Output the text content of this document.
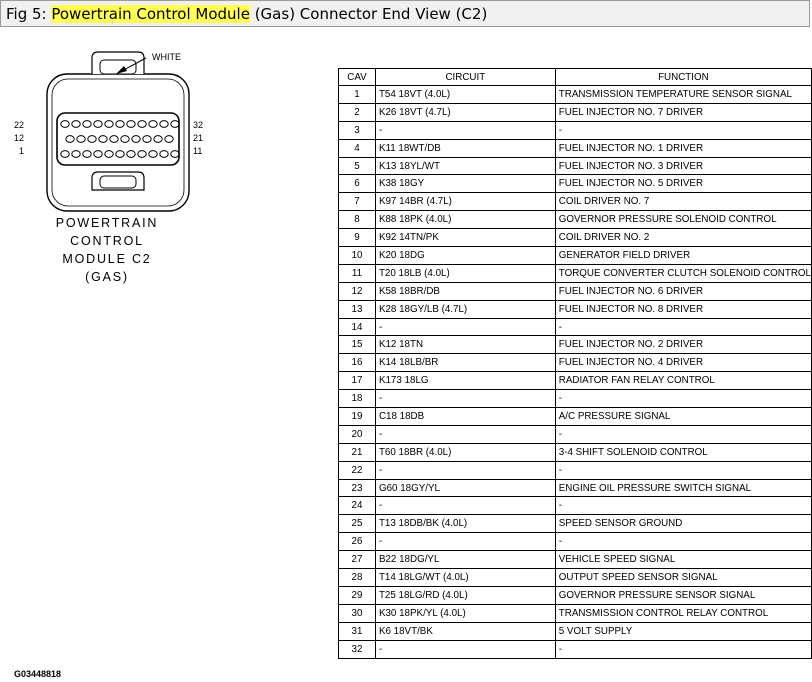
Fig 5: Powertrain Control Module (Gas) Connector End View (C2)
WHITE
22
12
1
32
21
11
POWERTRAIN
CONTROL
MODULE C2
(GAS)
CAV	CIRCUIT	FUNCTION
1	T54 18VT (4.0L)	TRANSMISSION TEMPERATURE SENSOR SIGNAL
2	K26 18VT (4.7L)	FUEL INJECTOR NO. 7 DRIVER
3	-	-
4	K11 18WT/DB	FUEL INJECTOR NO. 1 DRIVER
5	K13 18YL/WT	FUEL INJECTOR NO. 3 DRIVER
6	K38 18GY	FUEL INJECTOR NO. 5 DRIVER
7	K97 14BR (4.7L)	COIL DRIVER NO. 7
8	K88 18PK (4.0L)	GOVERNOR PRESSURE SOLENOID CONTROL
9	K92 14TN/PK	COIL DRIVER NO. 2
10	K20 18DG	GENERATOR FIELD DRIVER
11	T20 18LB (4.0L)	TORQUE CONVERTER CLUTCH SOLENOID CONTROL
12	K58 18BR/DB	FUEL INJECTOR NO. 6 DRIVER
13	K28 18GY/LB (4.7L)	FUEL INJECTOR NO. 8 DRIVER
14	-	-
15	K12 18TN	FUEL INJECTOR NO. 2 DRIVER
16	K14 18LB/BR	FUEL INJECTOR NO. 4 DRIVER
17	K173 18LG	RADIATOR FAN RELAY CONTROL
18	-	-
19	C18 18DB	A/C PRESSURE SIGNAL
20	-	-
21	T60 18BR (4.0L)	3-4 SHIFT SOLENOID CONTROL
22	-	-
23	G60 18GY/YL	ENGINE OIL PRESSURE SWITCH SIGNAL
24	-	-
25	T13 18DB/BK (4.0L)	SPEED SENSOR GROUND
26	-	-
27	B22 18DG/YL	VEHICLE SPEED SIGNAL
28	T14 18LG/WT (4.0L)	OUTPUT SPEED SENSOR SIGNAL
29	T25 18LG/RD (4.0L)	GOVERNOR PRESSURE SENSOR SIGNAL
30	K30 18PK/YL (4.0L)	TRANSMISSION CONTROL RELAY CONTROL
31	K6 18VT/BK	5 VOLT SUPPLY
32	-	-
G03448818
